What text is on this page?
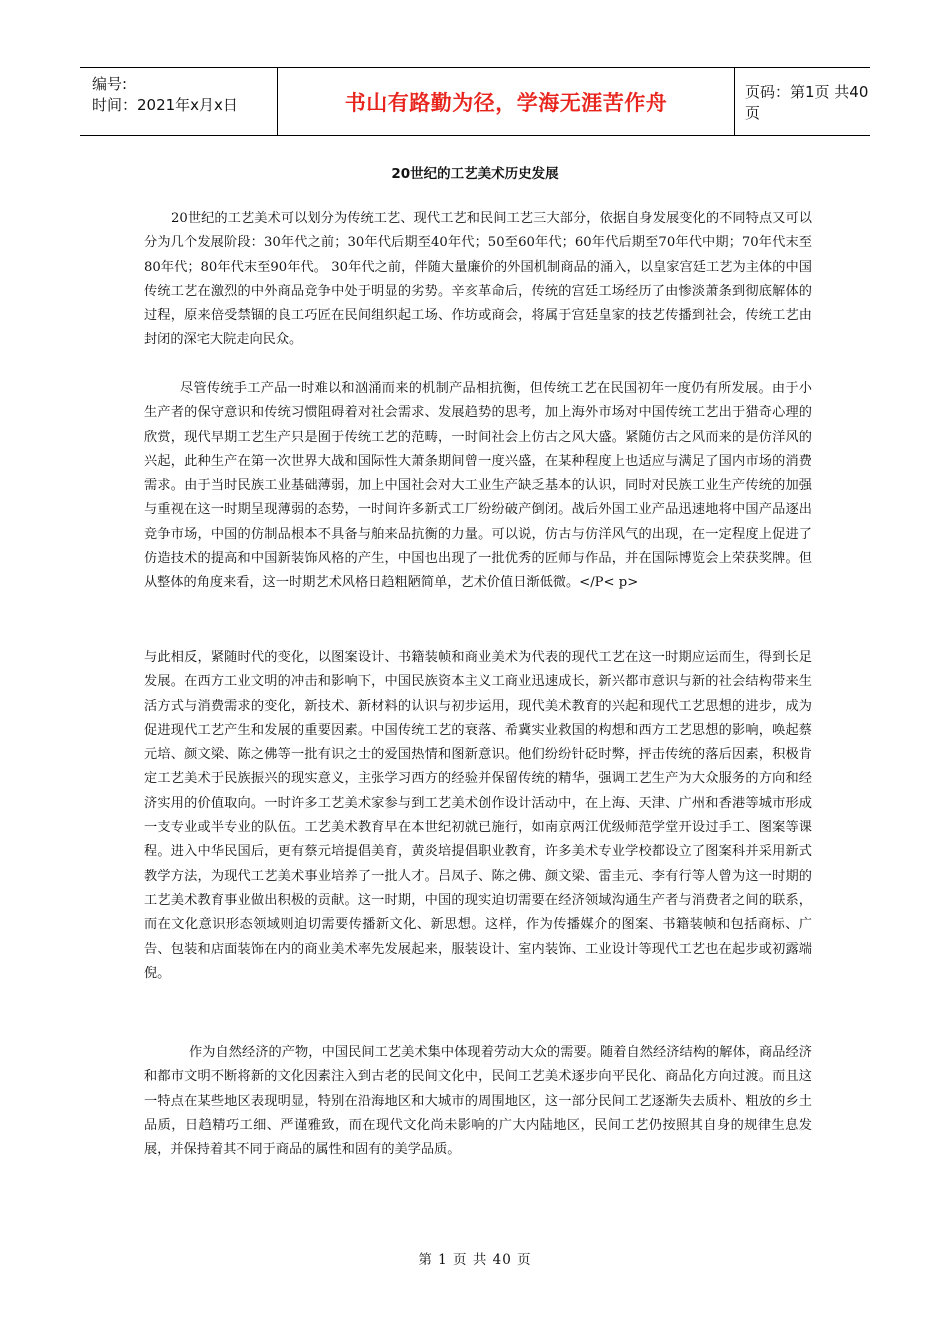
编号:
时间：2021年x月x日	书山有路勤为径，学海无涯苦作舟	页码：第1页 共40页
20世纪的工艺美术历史发展
20世纪的工艺美术可以划分为传统工艺、现代工艺和民间工艺三大部分，依据自身发展变化的不同特点又可以分为几个发展阶段：30年代之前；30年代后期至40年代；50至60年代；60年代后期至70年代中期；70年代末至80年代；80年代末至90年代。 30年代之前，伴随大量廉价的外国机制商品的涌入，以皇家宫廷工艺为主体的中国传统工艺在激烈的中外商品竞争中处于明显的劣势。辛亥革命后，传统的宫廷工场经历了由惨淡萧条到彻底解体的过程，原来倍受禁锢的良工巧匠在民间组织起工场、作坊或商会，将属于宫廷皇家的技艺传播到社会，传统工艺由封闭的深宅大院走向民众。
尽管传统手工产品一时难以和汹涌而来的机制产品相抗衡，但传统工艺在民国初年一度仍有所发展。由于小生产者的保守意识和传统习惯阻碍着对社会需求、发展趋势的思考，加上海外市场对中国传统工艺出于猎奇心理的欣赏，现代早期工艺生产只是囿于传统工艺的范畴，一时间社会上仿古之风大盛。紧随仿古之风而来的是仿洋风的兴起，此种生产在第一次世界大战和国际性大萧条期间曾一度兴盛，在某种程度上也适应与满足了国内市场的消费需求。由于当时民族工业基础薄弱，加上中国社会对大工业生产缺乏基本的认识，同时对民族工业生产传统的加强与重视在这一时期呈现薄弱的态势，一时间许多新式工厂纷纷破产倒闭。战后外国工业产品迅速地将中国产品逐出竞争市场，中国的仿制品根本不具备与舶来品抗衡的力量。可以说，仿古与仿洋风气的出现，在一定程度上促进了仿造技术的提高和中国新装饰风格的产生，中国也出现了一批优秀的匠师与作品，并在国际博览会上荣获奖牌。但从整体的角度来看，这一时期艺术风格日趋粗陋简单，艺术价值日渐低微。</P< p>
与此相反，紧随时代的变化，以图案设计、书籍装帧和商业美术为代表的现代工艺在这一时期应运而生，得到长足发展。在西方工业文明的冲击和影响下，中国民族资本主义工商业迅速成长，新兴都市意识与新的社会结构带来生活方式与消费需求的变化，新技术、新材料的认识与初步运用，现代美术教育的兴起和现代工艺思想的进步，成为促进现代工艺产生和发展的重要因素。中国传统工艺的衰落、希冀实业救国的构想和西方工艺思想的影响，唤起蔡元培、颜文梁、陈之佛等一批有识之士的爱国热情和图新意识。他们纷纷针砭时弊，抨击传统的落后因素，积极肯定工艺美术于民族振兴的现实意义，主张学习西方的经验并保留传统的精华，强调工艺生产为大众服务的方向和经济实用的价值取向。一时许多工艺美术家参与到工艺美术创作设计活动中，在上海、天津、广州和香港等城市形成一支专业或半专业的队伍。工艺美术教育早在本世纪初就已施行，如南京两江优级师范学堂开设过手工、图案等课程。进入中华民国后，更有蔡元培提倡美育，黄炎培提倡职业教育，许多美术专业学校都设立了图案科并采用新式教学方法，为现代工艺美术事业培养了一批人才。吕凤子、陈之佛、颜文梁、雷圭元、李有行等人曾为这一时期的工艺美术教育事业做出积极的贡献。这一时期，中国的现实迫切需要在经济领域沟通生产者与消费者之间的联系，而在文化意识形态领域则迫切需要传播新文化、新思想。这样，作为传播媒介的图案、书籍装帧和包括商标、广告、包装和店面装饰在内的商业美术率先发展起来，服装设计、室内装饰、工业设计等现代工艺也在起步或初露端倪。
作为自然经济的产物，中国民间工艺美术集中体现着劳动大众的需要。随着自然经济结构的解体，商品经济和都市文明不断将新的文化因素注入到古老的民间文化中，民间工艺美术逐步向平民化、商品化方向过渡。而且这一特点在某些地区表现明显，特别在沿海地区和大城市的周围地区，这一部分民间工艺逐渐失去质朴、粗放的乡土品质，日趋精巧工细、严谨雅致，而在现代文化尚未影响的广大内陆地区，民间工艺仍按照其自身的规律生息发展，并保持着其不同于商品的属性和固有的美学品质。
第 1 页 共 40 页
